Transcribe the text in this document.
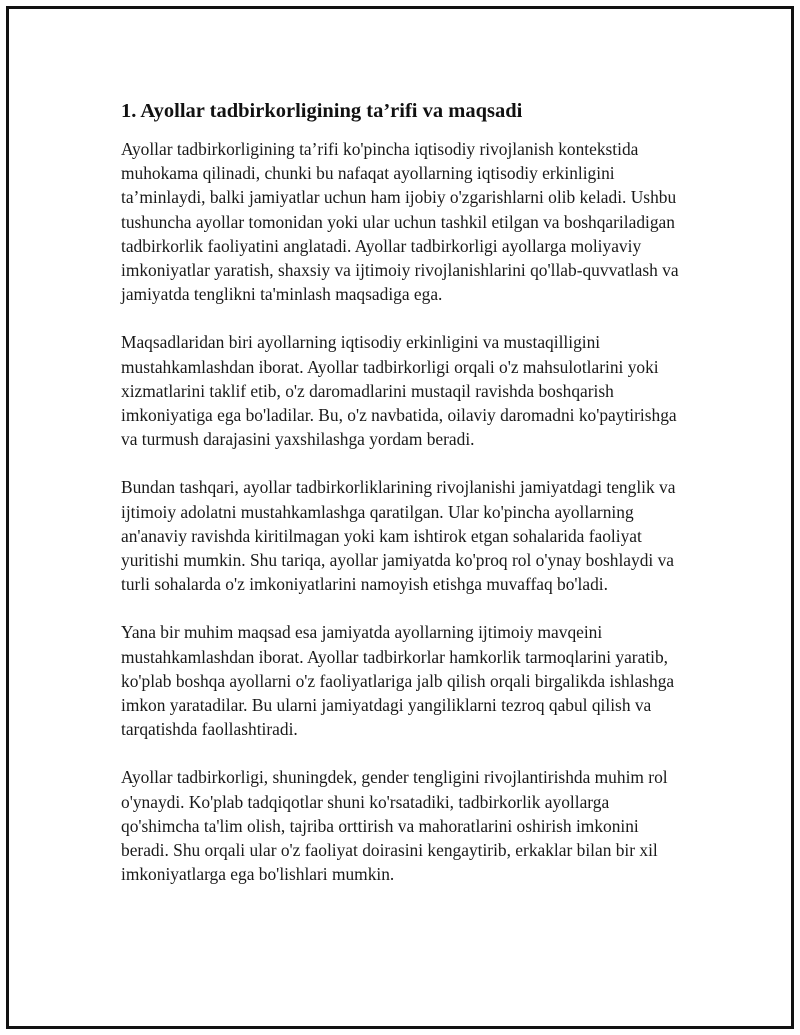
1. Ayollar tadbirkorligining ta’rifi va maqsadi

Ayollar tadbirkorligining ta’rifi ko'pincha iqtisodiy rivojlanish kontekstida muhokama qilinadi, chunki bu nafaqat ayollarning iqtisodiy erkinligini ta’minlaydi, balki jamiyatlar uchun ham ijobiy o'zgarishlarni olib keladi. Ushbu tushuncha ayollar tomonidan yoki ular uchun tashkil etilgan va boshqariladigan tadbirkorlik faoliyatini anglatadi. Ayollar tadbirkorligi ayollarga moliyaviy imkoniyatlar yaratish, shaxsiy va ijtimoiy rivojlanishlarini qo'llab-quvvatlash va jamiyatda tenglikni ta'minlash maqsadiga ega.

Maqsadlaridan biri ayollarning iqtisodiy erkinligini va mustaqilligini mustahkamlashdan iborat. Ayollar tadbirkorligi orqali o'z mahsulotlarini yoki xizmatlarini taklif etib, o'z daromadlarini mustaqil ravishda boshqarish imkoniyatiga ega bo'ladilar. Bu, o'z navbatida, oilaviy daromadni ko'paytirishga va turmush darajasini yaxshilashga yordam beradi.

Bundan tashqari, ayollar tadbirkorliklarining rivojlanishi jamiyatdagi tenglik va ijtimoiy adolatni mustahkamlashga qaratilgan. Ular ko'pincha ayollarning an'anaviy ravishda kiritilmagan yoki kam ishtirok etgan sohalarida faoliyat yuritishi mumkin. Shu tariqa, ayollar jamiyatda ko'proq rol o'ynay boshlaydi va turli sohalarda o'z imkoniyatlarini namoyish etishga muvaffaq bo'ladi.

Yana bir muhim maqsad esa jamiyatda ayollarning ijtimoiy mavqeini mustahkamlashdan iborat. Ayollar tadbirkorlar hamkorlik tarmoqlarini yaratib, ko'plab boshqa ayollarni o'z faoliyatlariga jalb qilish orqali birgalikda ishlashga imkon yaratadilar. Bu ularni jamiyatdagi yangiliklarni tezroq qabul qilish va tarqatishda faollashtiradi.

Ayollar tadbirkorligi, shuningdek, gender tengligini rivojlantirishda muhim rol o'ynaydi. Ko'plab tadqiqotlar shuni ko'rsatadiki, tadbirkorlik ayollarga qo'shimcha ta'lim olish, tajriba orttirish va mahoratlarini oshirish imkonini beradi. Shu orqali ular o'z faoliyat doirasini kengaytirib, erkaklar bilan bir xil imkoniyatlarga ega bo'lishlari mumkin.
